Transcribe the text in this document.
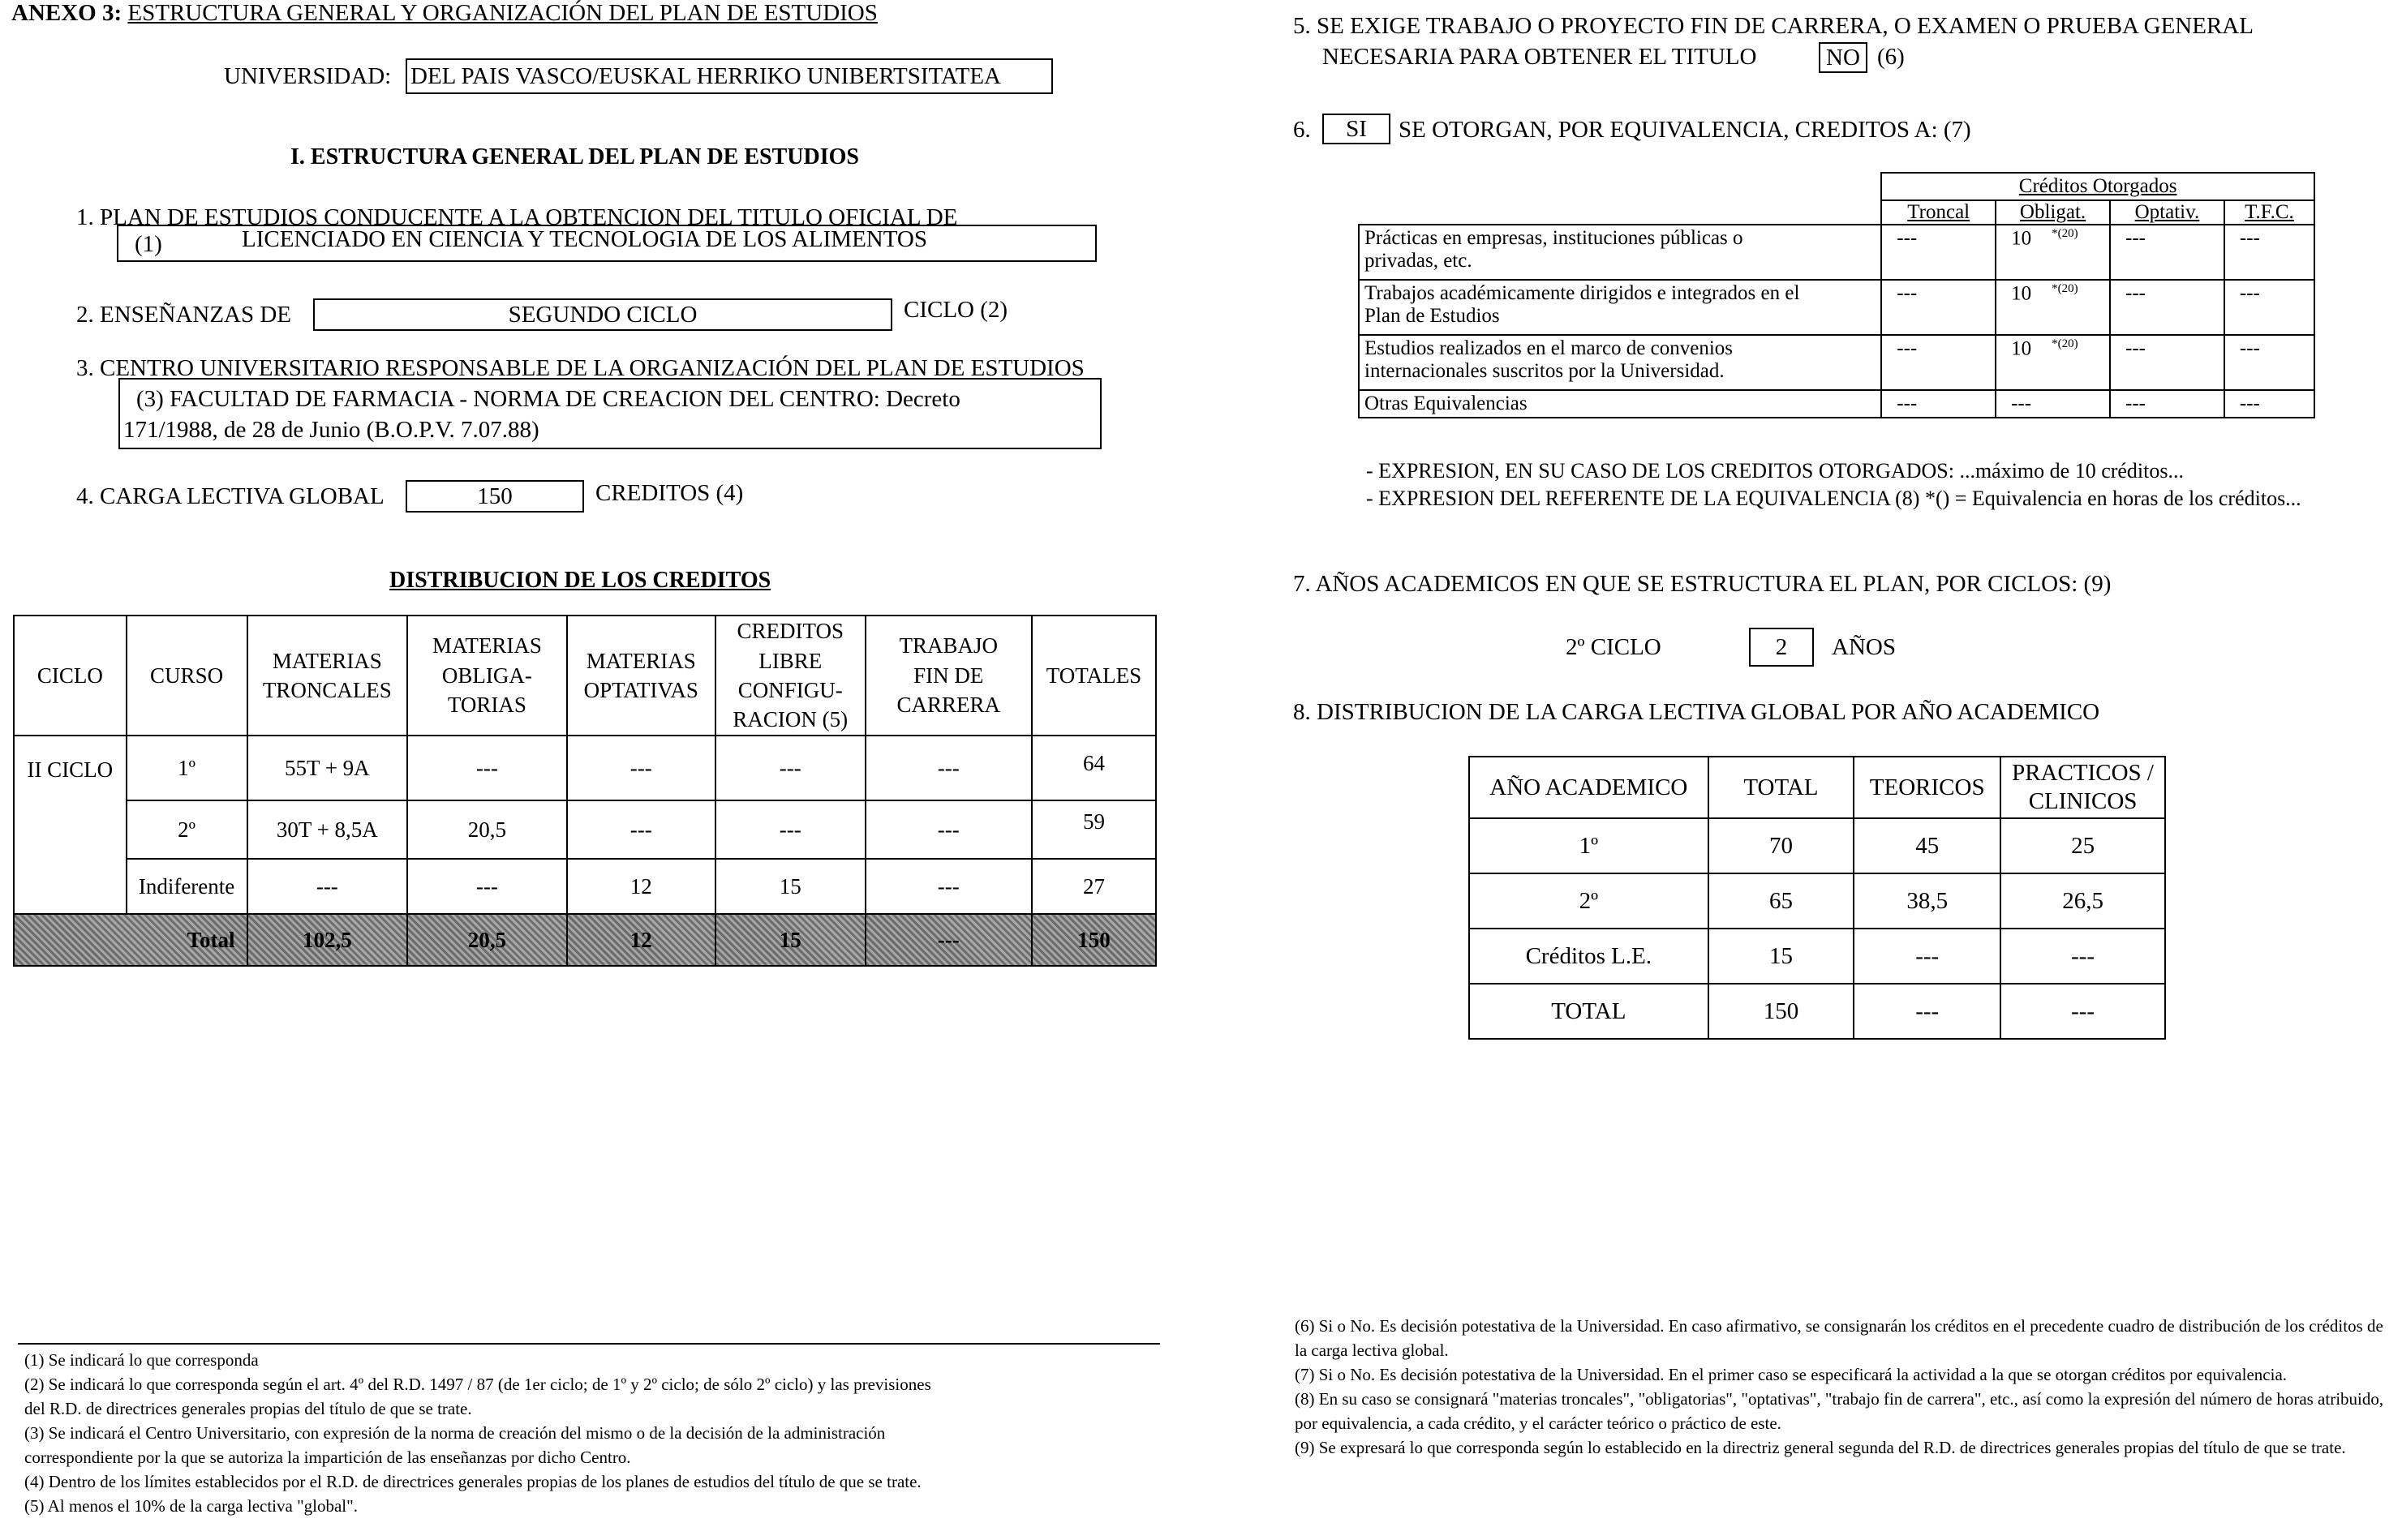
ANEXO 3: ESTRUCTURA GENERAL Y ORGANIZACIÓN DEL PLAN DE ESTUDIOS
UNIVERSIDAD: DEL PAIS VASCO/EUSKAL HERRIKO UNIBERTSITATEA
I. ESTRUCTURA GENERAL DEL PLAN DE ESTUDIOS
1. PLAN DE ESTUDIOS CONDUCENTE A LA OBTENCION DEL TITULO OFICIAL DE
(1)	LICENCIADO EN CIENCIA Y TECNOLOGIA DE LOS ALIMENTOS
2. ENSEÑANZAS DE	SEGUNDO CICLO	CICLO (2)
3. CENTRO UNIVERSITARIO RESPONSABLE DE LA ORGANIZACIÓN DEL PLAN DE ESTUDIOS
(3) FACULTAD DE FARMACIA - NORMA DE CREACION DEL CENTRO: Decreto
171/1988, de 28 de Junio (B.O.P.V. 7.07.88)
4. CARGA LECTIVA GLOBAL	150	CREDITOS (4)
DISTRIBUCION DE LOS CREDITOS
CICLO	CURSO	MATERIAS TRONCALES	MATERIAS OBLIGA- TORIAS	MATERIAS OPTATIVAS	CREDITOS LIBRE CONFIGU- RACION (5)	TRABAJO FIN DE CARRERA	TOTALES
II CICLO	1º	55T + 9A	---	---	---	---	64
	2º	30T + 8,5A	20,5	---	---	---	59
	Indiferente	---	---	12	15	---	27
Total		102,5	20,5	12	15	---	150
(1) Se indicará lo que corresponda
(2) Se indicará lo que corresponda según el art. 4º del R.D. 1497 / 87 (de 1er ciclo; de 1º y 2º ciclo; de sólo 2º ciclo) y las previsiones
del R.D. de directrices generales propias del título de que se trate.
(3) Se indicará el Centro Universitario, con expresión de la norma de creación del mismo o de la decisión de la administración
correspondiente por la que se autoriza la impartición de las enseñanzas por dicho Centro.
(4) Dentro de los límites establecidos por el R.D. de directrices generales propias de los planes de estudios del título de que se trate.
(5) Al menos el 10% de la carga lectiva "global".
5. SE EXIGE TRABAJO O PROYECTO FIN DE CARRERA, O EXAMEN O PRUEBA GENERAL
NECESARIA PARA OBTENER EL TITULO	NO (6)
6.	SI	SE OTORGAN, POR EQUIVALENCIA, CREDITOS A: (7)
	Créditos Otorgados			
	Troncal	Obligat.	Optativ.	T.F.C.
Prácticas en empresas, instituciones públicas o
privadas, etc.	---	10 $^{*(20)}$	---	---
Trabajos académicamente dirigidos e integrados en el
Plan de Estudios	---	10 $^{*(20)}$	---	---
Estudios realizados en el marco de convenios
internacionales suscritos por la Universidad.	---	10 $^{*(20)}$	---	---
Otras Equivalencias	---	---	---	---
- EXPRESION, EN SU CASO DE LOS CREDITOS OTORGADOS: ...máximo de 10 créditos...
- EXPRESION DEL REFERENTE DE LA EQUIVALENCIA (8) *() = Equivalencia en horas de los créditos...
7. AÑOS ACADEMICOS EN QUE SE ESTRUCTURA EL PLAN, POR CICLOS: (9)
2º CICLO	2	AÑOS
8. DISTRIBUCION DE LA CARGA LECTIVA GLOBAL POR AÑO ACADEMICO
AÑO ACADEMICO	TOTAL	TEORICOS	PRACTICOS / CLINICOS
1º	70	45	25
2º	65	38,5	26,5
Créditos L.E.	15	---	---
TOTAL	150	---	---
(6) Si o No. Es decisión potestativa de la Universidad. En caso afirmativo, se consignarán los créditos en el precedente cuadro de distribución de los créditos de la carga lectiva global.
(7) Si o No. Es decisión potestativa de la Universidad. En el primer caso se especificará la actividad a la que se otorgan créditos por equivalencia.
(8) En su caso se consignará "materias troncales", "obligatorias", "optativas", "trabajo fin de carrera", etc., así como la expresión del número de horas atribuido, por equivalencia, a cada crédito, y el carácter teórico o práctico de este.
(9) Se expresará lo que corresponda según lo establecido en la directriz general segunda del R.D. de directrices generales propias del título de que se trate.
